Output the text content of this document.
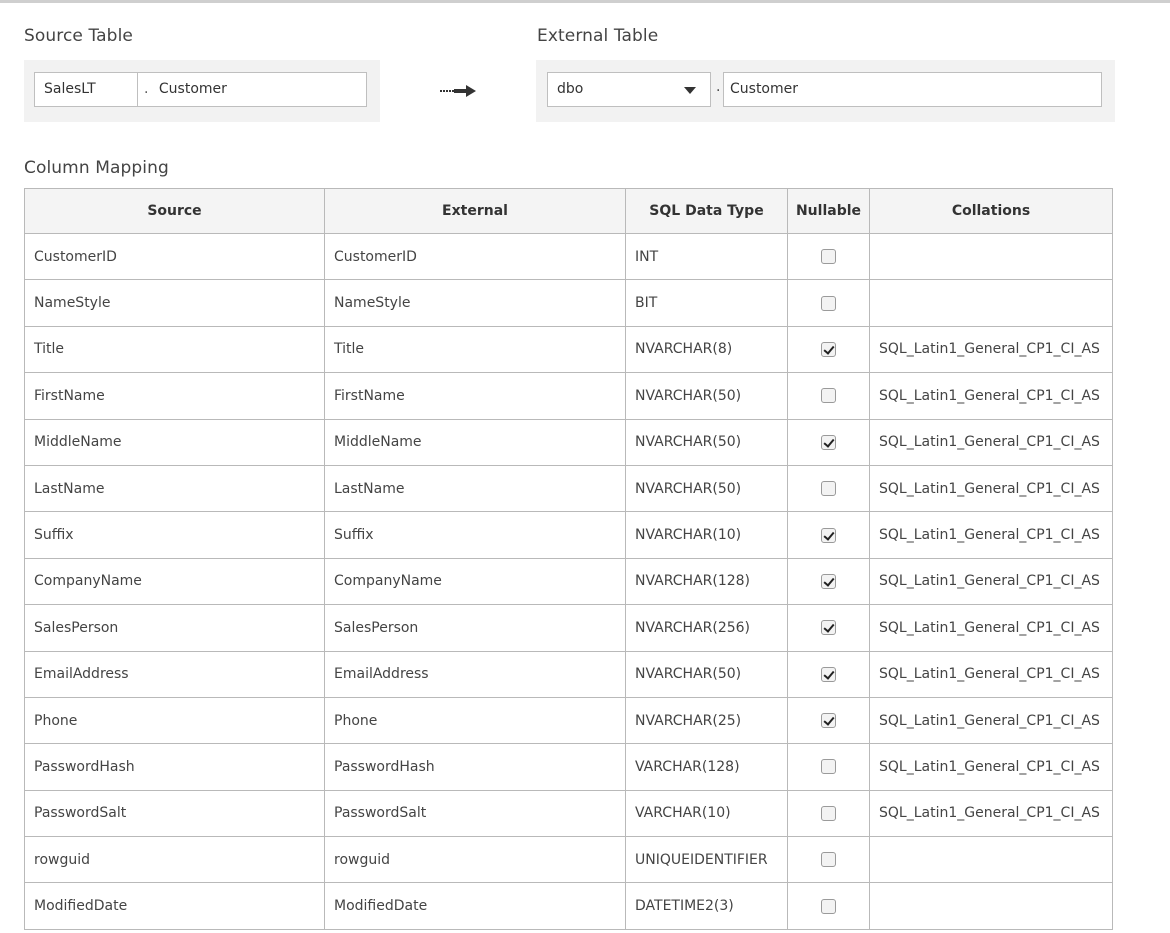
Source Table
SalesLT	. Customer
External Table
dbo	. Customer
Column Mapping
Source	External	SQL Data Type	Nullable	Collations
CustomerID	CustomerID	INT		
NameStyle	NameStyle	BIT		
Title	Title	NVARCHAR(8)		SQL_Latin1_General_CP1_CI_AS
FirstName	FirstName	NVARCHAR(50)		SQL_Latin1_General_CP1_CI_AS
MiddleName	MiddleName	NVARCHAR(50)		SQL_Latin1_General_CP1_CI_AS
LastName	LastName	NVARCHAR(50)		SQL_Latin1_General_CP1_CI_AS
Suffix	Suffix	NVARCHAR(10)		SQL_Latin1_General_CP1_CI_AS
CompanyName	CompanyName	NVARCHAR(128)		SQL_Latin1_General_CP1_CI_AS
SalesPerson	SalesPerson	NVARCHAR(256)		SQL_Latin1_General_CP1_CI_AS
EmailAddress	EmailAddress	NVARCHAR(50)		SQL_Latin1_General_CP1_CI_AS
Phone	Phone	NVARCHAR(25)		SQL_Latin1_General_CP1_CI_AS
PasswordHash	PasswordHash	VARCHAR(128)		SQL_Latin1_General_CP1_CI_AS
PasswordSalt	PasswordSalt	VARCHAR(10)		SQL_Latin1_General_CP1_CI_AS
rowguid	rowguid	UNIQUEIDENTIFIER		
ModifiedDate	ModifiedDate	DATETIME2(3)		
